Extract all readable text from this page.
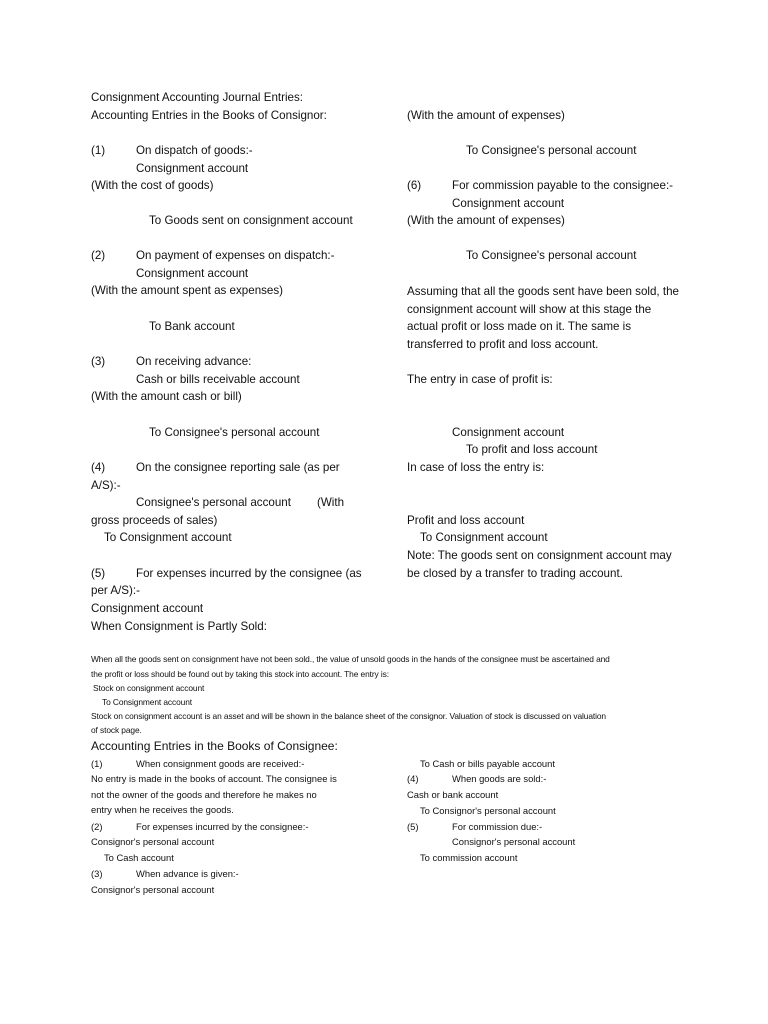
Consignment Accounting Journal Entries:
Accounting Entries in the Books of Consignor:
(1)	On dispatch of goods:-
Consignment account
(With the cost of goods)
To Goods sent on consignment account
(2)	On payment of expenses on dispatch:-
Consignment account
(With the amount spent as expenses)
To Bank account
(3)	On receiving advance:
Cash or bills receivable account
(With the amount cash or bill)
To Consignee's personal account
(4)	On the consignee reporting sale (as per
A/S):-
Consignee's personal account (With
gross proceeds of sales)
To Consignment account
(5)	For expenses incurred by the consignee (as
per A/S):-
Consignment account
When Consignment is Partly Sold:
(With the amount of expenses)
To Consignee's personal account
(6)	For commission payable to the consignee:-
Consignment account
(With the amount of expenses)
To Consignee's personal account
Assuming that all the goods sent have been sold, the
consignment account will show at this stage the
actual profit or loss made on it. The same is
transferred to profit and loss account.
The entry in case of profit is:
Consignment account
To profit and loss account
In case of loss the entry is:
Profit and loss account
To Consignment account
Note: The goods sent on consignment account may
be closed by a transfer to trading account.
When all the goods sent on consignment have not been sold., the value of unsold goods in the hands of the consignee must be ascertained and
the profit or loss should be found out by taking this stock into account. The entry is:
Stock on consignment account
To Consignment account
Stock on consignment account is an asset and will be shown in the balance sheet of the consignor. Valuation of stock is discussed on valuation
of stock page.
Accounting Entries in the Books of Consignee:
(1)	When consignment goods are received:-
No entry is made in the books of account. The consignee is
not the owner of the goods and therefore he makes no
entry when he receives the goods.
(2)	For expenses incurred by the consignee:-
Consignor's personal account
To Cash account
(3)	When advance is given:-
Consignor's personal account
To Cash or bills payable account
(4)	When goods are sold:-
Cash or bank account
To Consignor's personal account
(5)	For commission due:-
Consignor's personal account
To commission account
